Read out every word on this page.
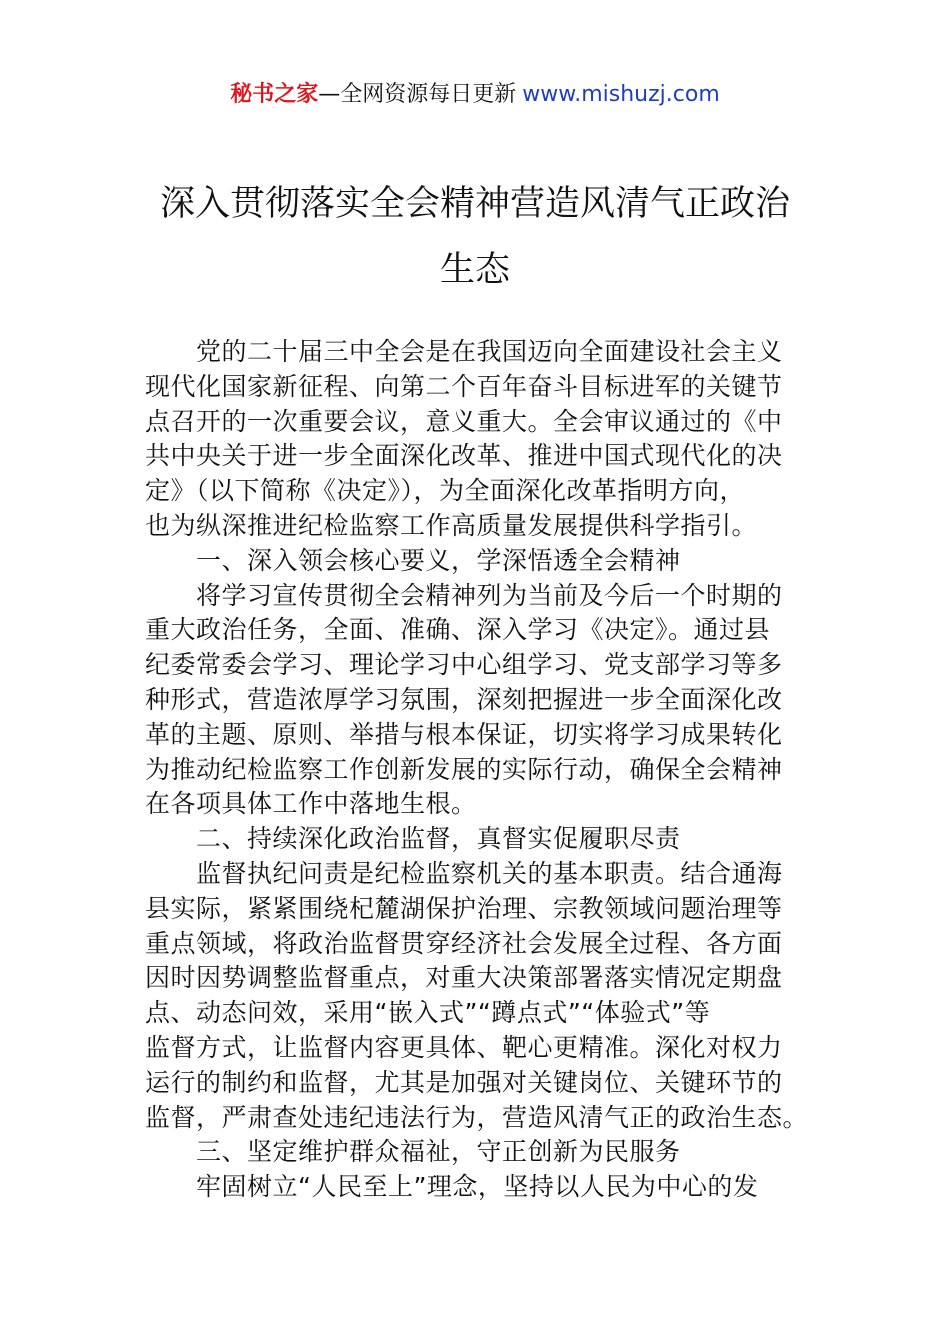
秘书之家—全网资源每日更新 www.mishuzj.com
深入贯彻落实全会精神营造风清气正政治
生态
党的二十届三中全会是在我国迈向全面建设社会主义
现代化国家新征程、向第二个百年奋斗目标进军的关键节
点召开的一次重要会议，意义重大。全会审议通过的《中
共中央关于进一步全面深化改革、推进中国式现代化的决
定》（以下简称《决定》），为全面深化改革指明方向，
也为纵深推进纪检监察工作高质量发展提供科学指引。
一、深入领会核心要义，学深悟透全会精神
将学习宣传贯彻全会精神列为当前及今后一个时期的
重大政治任务，全面、准确、深入学习《决定》。通过县
纪委常委会学习、理论学习中心组学习、党支部学习等多
种形式，营造浓厚学习氛围，深刻把握进一步全面深化改
革的主题、原则、举措与根本保证，切实将学习成果转化
为推动纪检监察工作创新发展的实际行动，确保全会精神
在各项具体工作中落地生根。
二、持续深化政治监督，真督实促履职尽责
监督执纪问责是纪检监察机关的基本职责。结合通海
县实际，紧紧围绕杞麓湖保护治理、宗教领域问题治理等
重点领域，将政治监督贯穿经济社会发展全过程、各方面
因时因势调整监督重点，对重大决策部署落实情况定期盘
点、动态问效，采用“嵌入式”“蹲点式”“体验式”等
监督方式，让监督内容更具体、靶心更精准。深化对权力
运行的制约和监督，尤其是加强对关键岗位、关键环节的
监督，严肃查处违纪违法行为，营造风清气正的政治生态。
三、坚定维护群众福祉，守正创新为民服务
牢固树立“人民至上”理念，坚持以人民为中心的发
